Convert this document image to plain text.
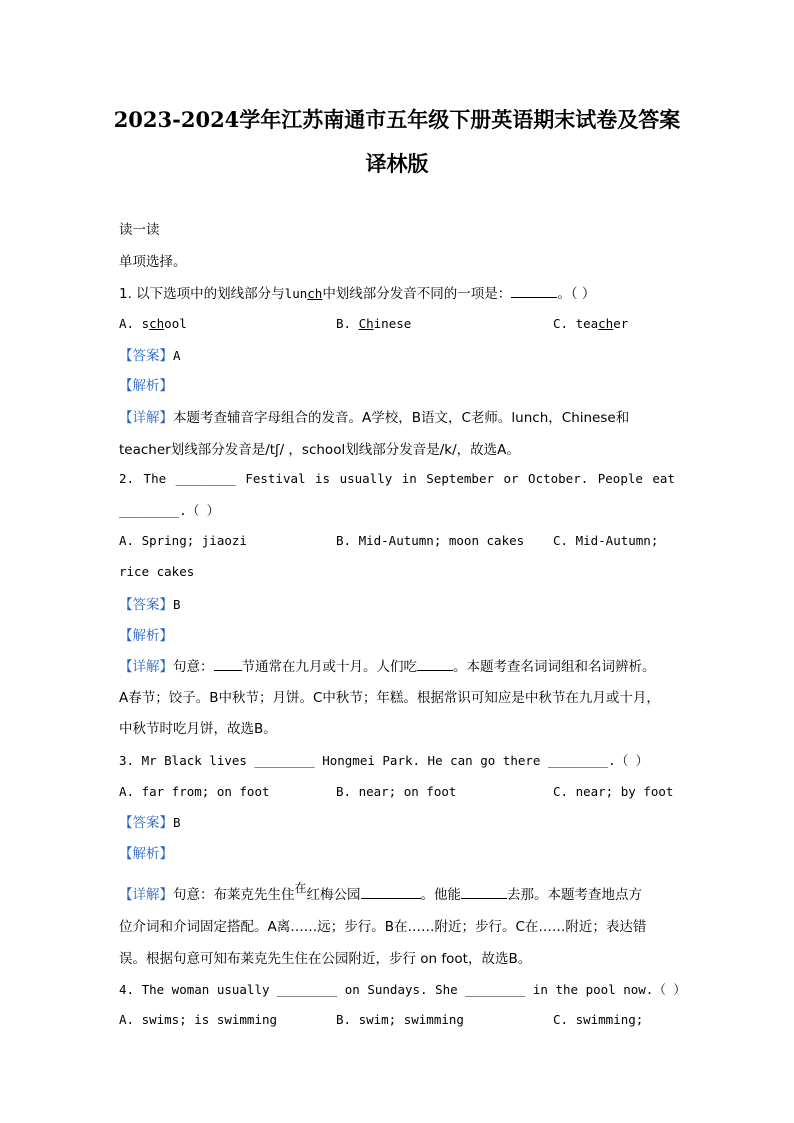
2023-2024学年江苏南通市五年级下册英语期末试卷及答案
译林版
读一读
单项选择。
1. 以下选项中的划线部分与lunch中划线部分发音不同的一项是：	。（ ）
A. school	B. Chinese	C. teacher
【答案】A
【解析】
【详解】本题考查辅音字母组合的发音。A学校，B语文，C老师。lunch，Chinese和
teacher划线部分发音是/tʃ/ ，school划线部分发音是/k/，故选A。
2. The ________ Festival is usually in September or October. People eat
________.（ ）
A. Spring; jiaozi	B. Mid-Autumn; moon cakes C. Mid-Autumn;
rice cakes
【答案】B
【解析】
【详解】句意： 节通常在九月或十月。人们吃	。本题考查名词词组和名词辨析。
A春节；饺子。B中秋节；月饼。C中秋节；年糕。根据常识可知应是中秋节在九月或十月，
中秋节时吃月饼，故选B。
3. Mr Black lives ________ Hongmei Park. He can go there ________.（ ）
A. far from; on foot	B. near; on foot	C. near; by foot
【答案】B
【解析】
【详解】句意：布莱克先生住在红梅公园	。他能	去那。本题考查地点方
位介词和介词固定搭配。A离……远；步行。B在……附近；步行。C在……附近；表达错
误。根据句意可知布莱克先生住在公园附近，步行 on foot，故选B。
4. The woman usually ________ on Sundays. She ________ in the pool now.（ ）
A. swims; is swimming	B. swim; swimming	C. swimming;
